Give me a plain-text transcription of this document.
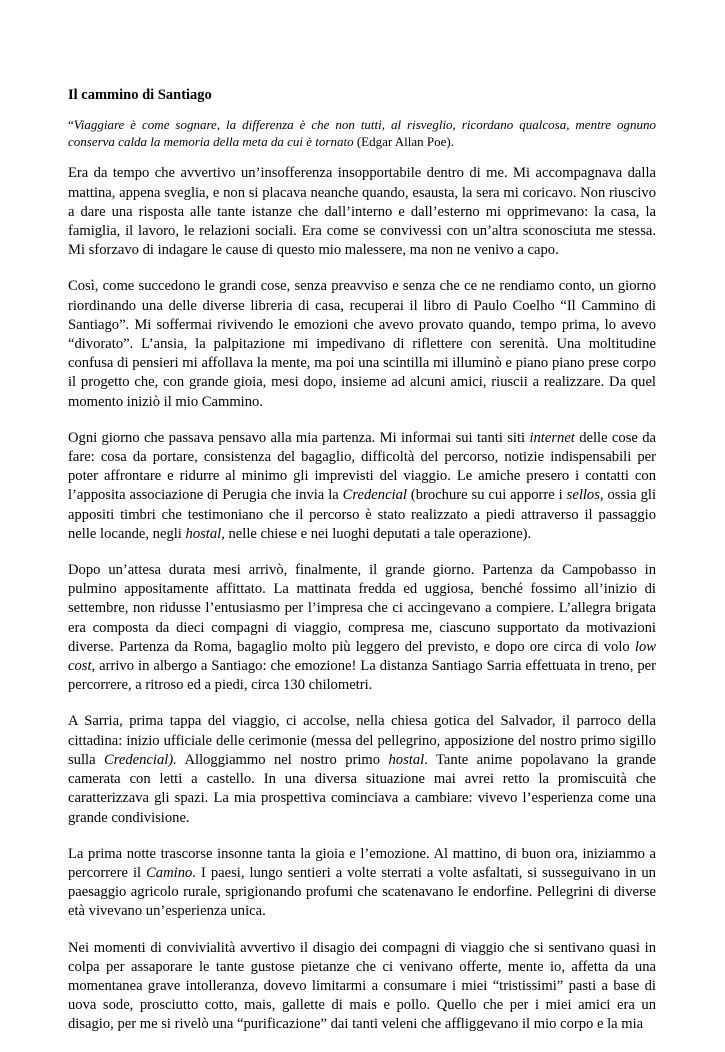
Il cammino di Santiago
“Viaggiare è come sognare, la differenza è che non tutti, al risveglio, ricordano qualcosa, mentre ognuno conserva calda la memoria della meta da cui è tornato (Edgar Allan Poe).

Era da tempo che avvertivo un’insofferenza insopportabile dentro di me. Mi accompagnava dalla mattina, appena sveglia, e non si placava neanche quando, esausta, la sera mi coricavo. Non riuscivo a dare una risposta alle tante istanze che dall’interno e dall’esterno mi opprimevano: la casa, la famiglia, il lavoro, le relazioni sociali. Era come se convivessi con un’altra sconosciuta me stessa. Mi sforzavo di indagare le cause di questo mio malessere, ma non ne venivo a capo.

Così, come succedono le grandi cose, senza preavviso e senza che ce ne rendiamo conto, un giorno riordinando una delle diverse libreria di casa, recuperai il libro di Paulo Coelho “Il Cammino di Santiago”. Mi soffermai rivivendo le emozioni che avevo provato quando, tempo prima, lo avevo “divorato”. L’ansia, la palpitazione mi impedivano di riflettere con serenità. Una moltitudine confusa di pensieri mi affollava la mente, ma poi una scintilla mi illuminò e piano piano prese corpo il progetto che, con grande gioia, mesi dopo, insieme ad alcuni amici, riuscii a realizzare. Da quel momento iniziò il mio Cammino.

Ogni giorno che passava pensavo alla mia partenza. Mi informai sui tanti siti internet delle cose da fare: cosa da portare, consistenza del bagaglio, difficoltà del percorso, notizie indispensabili per poter affrontare e ridurre al minimo gli imprevisti del viaggio. Le amiche presero i contatti con l’apposita associazione di Perugia che invia la Credencial (brochure su cui apporre i sellos, ossia gli appositi timbri che testimoniano che il percorso è stato realizzato a piedi attraverso il passaggio nelle locande, negli hostal, nelle chiese e nei luoghi deputati a tale operazione).

Dopo un’attesa durata mesi arrivò, finalmente, il grande giorno. Partenza da Campobasso in pulmino appositamente affittato. La mattinata fredda ed uggiosa, benché fossimo all’inizio di settembre, non ridusse l’entusiasmo per l’impresa che ci accingevano a compiere. L’allegra brigata era composta da dieci compagni di viaggio, compresa me, ciascuno supportato da motivazioni diverse. Partenza da Roma, bagaglio molto più leggero del previsto, e dopo ore circa di volo low cost, arrivo in albergo a Santiago: che emozione! La distanza Santiago Sarria effettuata in treno, per percorrere, a ritroso ed a piedi, circa 130 chilometri.

A Sarria, prima tappa del viaggio, ci accolse, nella chiesa gotica del Salvador, il parroco della cittadina: inizio ufficiale delle cerimonie (messa del pellegrino, apposizione del nostro primo sigillo sulla Credencial). Alloggiammo nel nostro primo hostal. Tante anime popolavano la grande camerata con letti a castello. In una diversa situazione mai avrei retto la promiscuità che caratterizzava gli spazi. La mia prospettiva cominciava a cambiare: vivevo l’esperienza come una grande condivisione.

La prima notte trascorse insonne tanta la gioia e l’emozione. Al mattino, di buon ora, iniziammo a percorrere il Camino. I paesi, lungo sentieri a volte sterrati a volte asfaltati, si susseguivano in un paesaggio agricolo rurale, sprigionando profumi che scatenavano le endorfine. Pellegrini di diverse età vivevano un’esperienza unica.

Nei momenti di convivialità avvertivo il disagio dei compagni di viaggio che si sentivano quasi in colpa per assaporare le tante gustose pietanze che ci venivano offerte, mente io, affetta da una momentanea grave intolleranza, dovevo limitarmi a consumare i miei “tristissimi” pasti a base di uova sode, prosciutto cotto, mais, gallette di mais e pollo. Quello che per i miei amici era un disagio, per me si rivelò una “purificazione” dai tanti veleni che affliggevano il mio corpo e la mia
